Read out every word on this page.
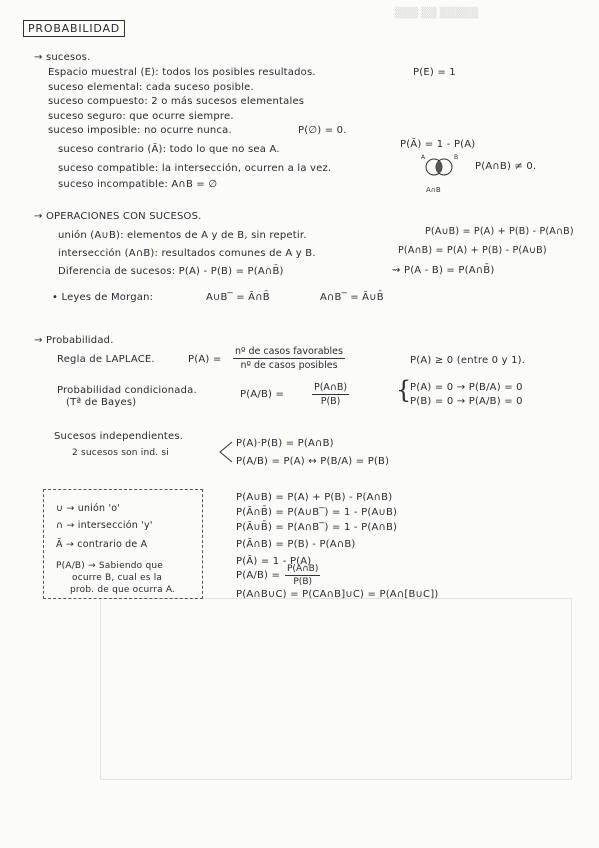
▒▒▒ ▒▒ ▒▒▒▒▒
PROBABILIDAD
→ sucesos.
Espacio muestral (E): todos los posibles resultados.	P(E) = 1
suceso elemental: cada suceso posible.
suceso compuesto: 2 o más sucesos elementales
suceso seguro: que ocurre siempre.
suceso imposible: no ocurre nunca.	P(∅) = 0.
suceso contrario (Ā): todo lo que no sea A.	P(Ā) = 1 - P(A)
suceso compatible: la intersección, ocurren a la vez.	P(A∩B) ≠ 0.
suceso incompatible: A∩B = ∅
A	B
A∩B
→ OPERACIONES CON SUCESOS.
unión (A∪B): elementos de A y de B, sin repetir.	P(A∪B) = P(A) + P(B) - P(A∩B)
intersección (A∩B): resultados comunes de A y B.	P(A∩B) = P(A) + P(B) - P(A∪B)
Diferencia de sucesos: P(A) - P(B) = P(A∩B̄)	⇝ P(A - B) = P(A∩B̄)
• Leyes de Morgan:	A∪B‾ = Ā∩B̄	A∩B‾ = Ā∪B̄
→ Probabilidad.
Regla de LAPLACE.	P(A) =
nº de casos favorables
nº de casos posibles	P(A) ≥ 0 (entre 0 y 1).
Probabilidad condicionada.
(Tª de Bayes)
P(A/B) =	$\frac{P(A\cap B)}{P(B)}$ {
P(A) = 0 → P(B/A) = 0
P(B) = 0 → P(A/B) = 0
Sucesos independientes.
2 sucesos son ind. si
P(A)·P(B) = P(A∩B)
P(A/B) = P(A) ↔ P(B/A) = P(B)
∪ → unión 'o'
∩ → intersección 'y'
Ā → contrario de A
P(A/B) → Sabiendo que
ocurre B, cual es la
prob. de que ocurra A.
P(A∪B) = P(A) + P(B) - P(A∩B)
P(Ā∩B̄) = P(A∪B‾) = 1 - P(A∪B)
P(Ā∪B̄) = P(A∩B‾) = 1 - P(A∩B)
P(Ā∩B) = P(B) - P(A∩B)
P(Ā) = 1 - P(A)
$P(A/B) = \frac{P(A\cap B)}{P(B)}$
P(A∩B∪C) = P(CA∩B]∪C) = P(A∩[B∪C])
